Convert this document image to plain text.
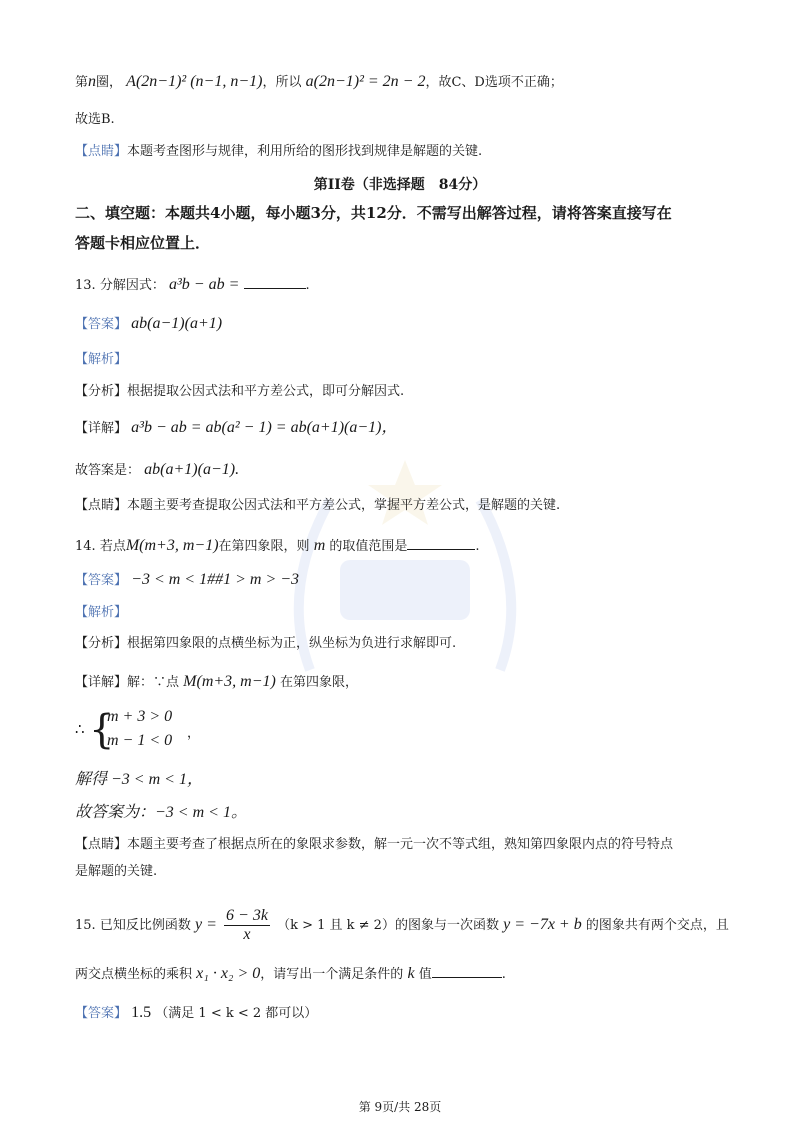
第n圈， A(2n−1)² (n−1, n−1)，所以 a(2n−1)² = 2n − 2，故C、D选项不正确；
故选B.
【点睛】本题考查图形与规律，利用所给的图形找到规律是解题的关键.
第II卷（非选择题　84分）
二、填空题：本题共4小题，每小题3分，共12分．不需写出解答过程，请将答案直接写在
答题卡相应位置上．
13. 分解因式： a³b − ab =	.
【答案】 ab(a−1)(a+1)
【解析】
【分析】根据提取公因式法和平方差公式，即可分解因式.
【详解】 a³b − ab = ab(a² − 1) = ab(a+1)(a−1)，
故答案是： ab(a+1)(a−1).
【点睛】本题主要考查提取公因式法和平方差公式，掌握平方差公式，是解题的关键.
14. 若点M(m+3, m−1)在第四象限，则 m 的取值范围是	.
【答案】 −3 < m < 1##1 > m > −3
【解析】
【分析】根据第四象限的点横坐标为正，纵坐标为负进行求解即可.
【详解】解：∵点 M(m+3, m−1) 在第四象限，
∴ {
m + 3 > 0
m − 1 < 0 ，
解得 −3 < m < 1，
故答案为：−3 < m < 1。
【点睛】本题主要考查了根据点所在的象限求参数，解一元一次不等式组，熟知第四象限内点的符号特点
是解题的关键.
15. 已知反比例函数 $y = \frac{6 - 3k}{x} (k > 1$ 且 k ≠ 2）的图象与一次函数 y = −7x + b 的图象共有两个交点，且
两交点横坐标的乘积 x₁ · x₂ > 0，请写出一个满足条件的 k 值	.
【答案】 1.5 （满足 1 < k < 2 都可以）
第 9页/共 28页
